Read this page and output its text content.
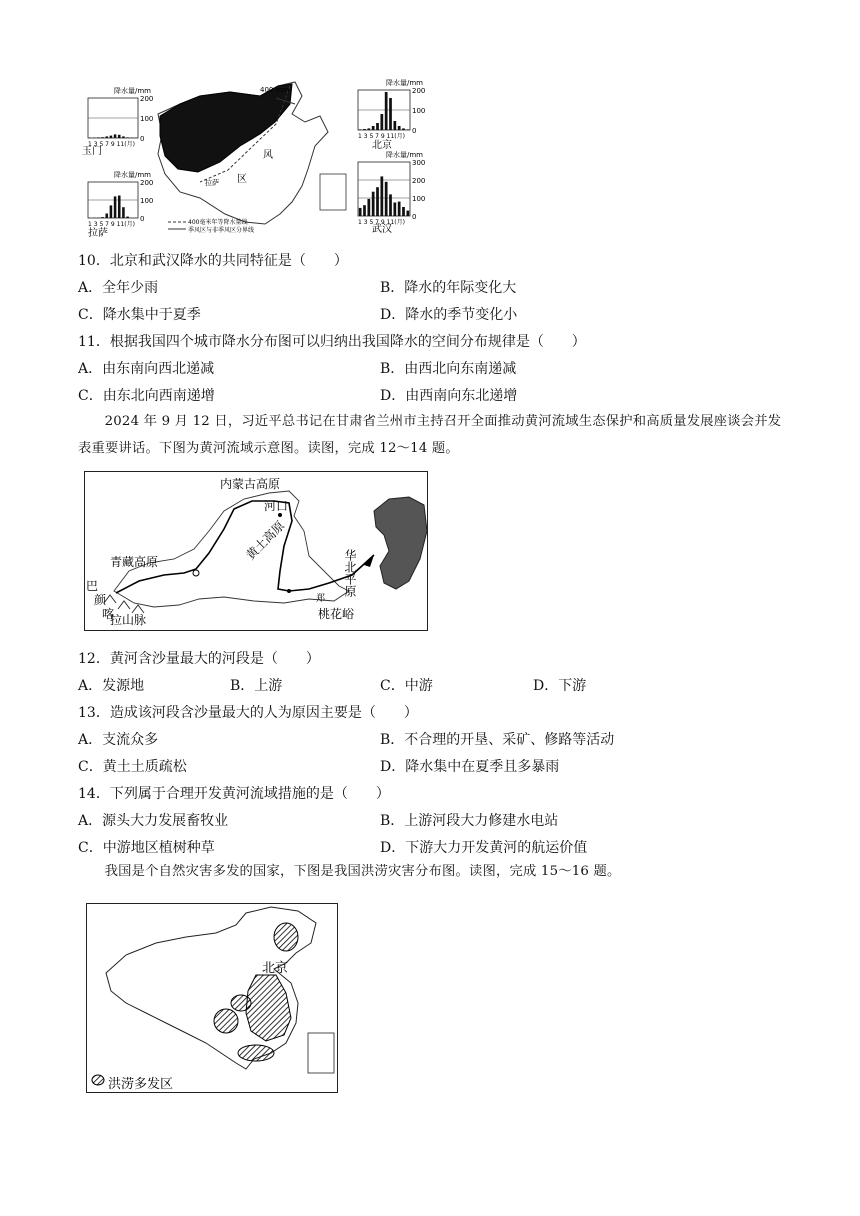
400 mm
风
区
拉萨
400毫米年等降水量线
季风区与非季风区分界线
200
100
0
1 3 5 7 9 11(月)
降水量/mm
玉门
200
100
0
1 3 5 7 9 11(月)
降水量/mm
拉萨
200
100
0
1 3 5 7 9 11(月)
降水量/mm
北京
300
200
100
0
1 3 5 7 9 11(月)
降水量/mm
武汉
10．北京和武汉降水的共同特征是（　　）
A．全年少雨	B．降水的年际变化大
C．降水集中于夏季	D．降水的季节变化小
11．根据我国四个城市降水分布图可以归纳出我国降水的空间分布规律是（　　）
A．由东南向西北递减	B．由西北向东南递减
C．由东北向西南递增	D．由西南向东北递增
2024 年 9 月 12 日，习近平总书记在甘肃省兰州市主持召开全面推动黄河流域生态保护和高质量发展座谈会并发表重要讲话。下图为黄河流域示意图。读图，完成 12～14 题。
内蒙古高原
河口
青藏高原	黄土高原
华北平原
郑
桃花峪
巴
颜
喀
拉山脉
12．黄河含沙量最大的河段是（　　）
A．发源地	B．上游	C．中游	D．下游
13．造成该河段含沙量最大的人为原因主要是（　　）
A．支流众多	B．不合理的开垦、采矿、修路等活动
C．黄土土质疏松	D．降水集中在夏季且多暴雨
14．下列属于合理开发黄河流域措施的是（　　）
A．源头大力发展畜牧业	B．上游河段大力修建水电站
C．中游地区植树种草	D．下游大力开发黄河的航运价值
我国是个自然灾害多发的国家，下图是我国洪涝灾害分布图。读图，完成 15～16 题。
北京
洪涝多发区
